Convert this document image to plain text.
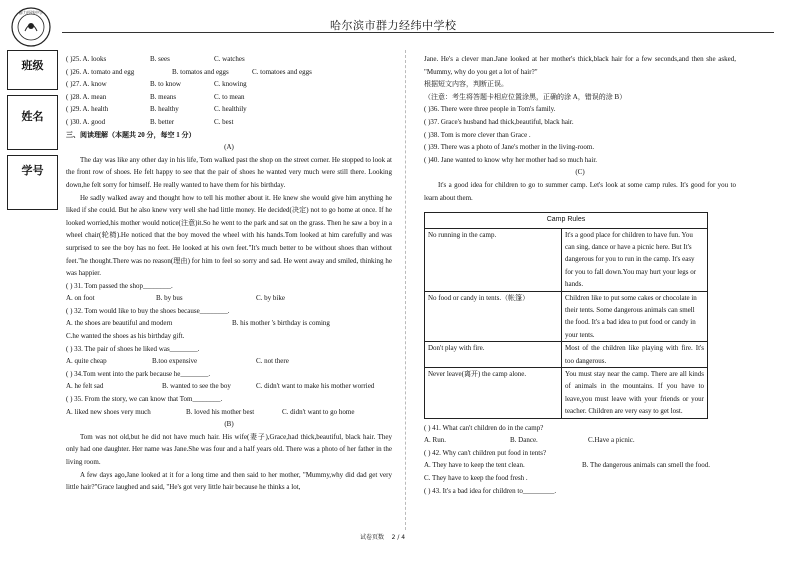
群力经纬中学
哈尔滨市群力经纬中学校
班级
姓名
学号
( )25. A. looks	B. sees	C. watches
( )26. A. tomato and egg	B. tomatos and eggs	C. tomatoes and eggs
( )27. A. know	B. to know	C. knowing
( )28. A. mean	B. means	C. to mean
( )29. A. health	B. healthy	C. healthily
( )30. A. good	B. better	C. best
三、阅读理解（本题共 20 分，每空 1 分）
(A)
The day was like any other day in his life, Tom walked past the shop on the street corner. He stopped to look at the front row of shoes. He felt happy to see that the pair of shoes he wanted very much were still there. Looking down,he felt sorry for himself. He really wanted to have them for his birthday.
He sadly walked away and thought how to tell his mother about it. He knew she would give him anything he liked if she could. But he also knew very well she had little money. He decided(决定) not to go home at once. If he looked worried,his mother would notice(注意)it.So he went to the park and sat on the grass. Then he saw a boy in a wheel chair(轮椅).He noticed that the boy moved the wheel with his hands.Tom looked at him carefully and was surprised to see the boy has no feet. He looked at his own feet."It's much better to be without shoes than without feet."he thought.There was no reason(理由) for him to feel so sorry and sad. He went away and smiled, thinking he was happier.
( ) 31. Tom passed the shop________.
A. on foot	B. by bus	C. by bike
( ) 32. Tom would like to buy the shoes because________.
A. the shoes are beautiful and modern	B. his mother 's birthday is coming
C.he wanted the shoes as his birthday gift.
( ) 33. The pair of shoes he liked was________.
A. quite cheap	B.too expensive	C. not there
( ) 34.Tom went into the park because he________.
A. he felt sad	B. wanted to see the boy	C. didn't want to make his mother worried
( ) 35. From the story, we can know that Tom________.
A. liked new shoes very much	B. loved his mother best	C. didn't want to go home
(B)
Tom was not old,but he did not have much hair. His wife(妻子),Grace,had thick,beautiful, black hair. They only had one daughter. Her name was Jane.She was four and a half years old. There was a photo of her father in the living room.
A few days ago,Jane looked at it for a long time and then said to her mother, "Mummy,why did dad get very little hair?"Grace laughed and said, "He's got very little hair because he thinks a lot,
Jane. He's a clever man.Jane looked at her mother's thick,black hair for a few seconds,and then she asked, "Mummy, why do you get a lot of hair?"
根据短文内容，判断正误。
（注意：考生将答题卡相应位置涂黑，正确的涂 A，错误的涂 B）
( )36. There were three people in Tom's family.
( )37. Grace's husband had thick,beautiful, black hair.
( )38. Tom is more clever than Grace .
( )39. There was a photo of Jane's mother in the living-room.
( )40. Jane wanted to know why her mother had so much hair.
(C)
It's a good idea for children to go to summer camp. Let's look at some camp rules. It's good for you to learn about them.
Camp Rules	
No running in the camp.	It's a good place for children to have fun. You can sing, dance or have a picnic here. But It's dangerous for you to run in the camp. It's easy for you to fall down.You may hurt your legs or hands.
No food or candy in tents.（帐篷）	Children like to put some cakes or chocolate in their tents. Some dangerous animals can smell the food. It's a bad idea to put food or candy in your tents.
Don't play with fire.	Most of the children like playing with fire. It's too dangerous.
Never leave(离开) the camp alone.	You must stay near the camp. There are all kinds of animals in the mountains. If you have to leave,you must leave with your friends or your teacher. Children are very easy to get lost.
( ) 41. What can't children do in the camp?
A. Run.	B. Dance.	C.Have a picnic.
( ) 42. Why can't children put food in tents?
A. They have to keep the tent clean.	B. The dangerous animals can smell the food.
C. They have to keep the food fresh .
( ) 43. It's a bad idea for children to_________.
试卷页数 2 / 4
